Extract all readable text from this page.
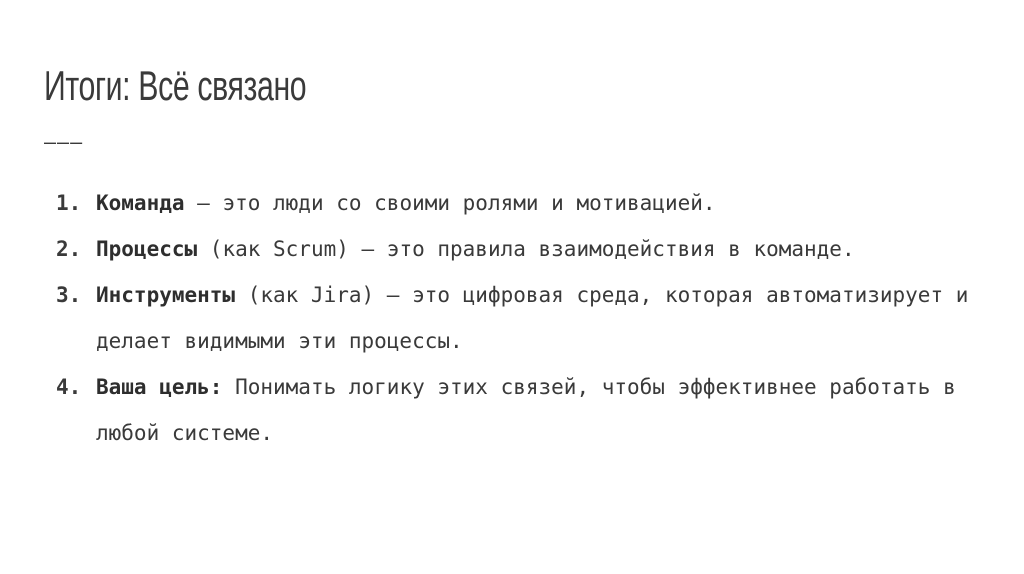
Итоги: Всё связано
———
1. Команда — это люди со своими ролями и мотивацией.
2. Процессы (как Scrum) — это правила взаимодействия в командe.
3. Инструменты (как Jira) — это цифровая среда, которая автоматизирует и делает видимыми эти процессы.
4. Ваша цель: Понимать логику этих связей, чтобы эффективнее работать в любой системе.
